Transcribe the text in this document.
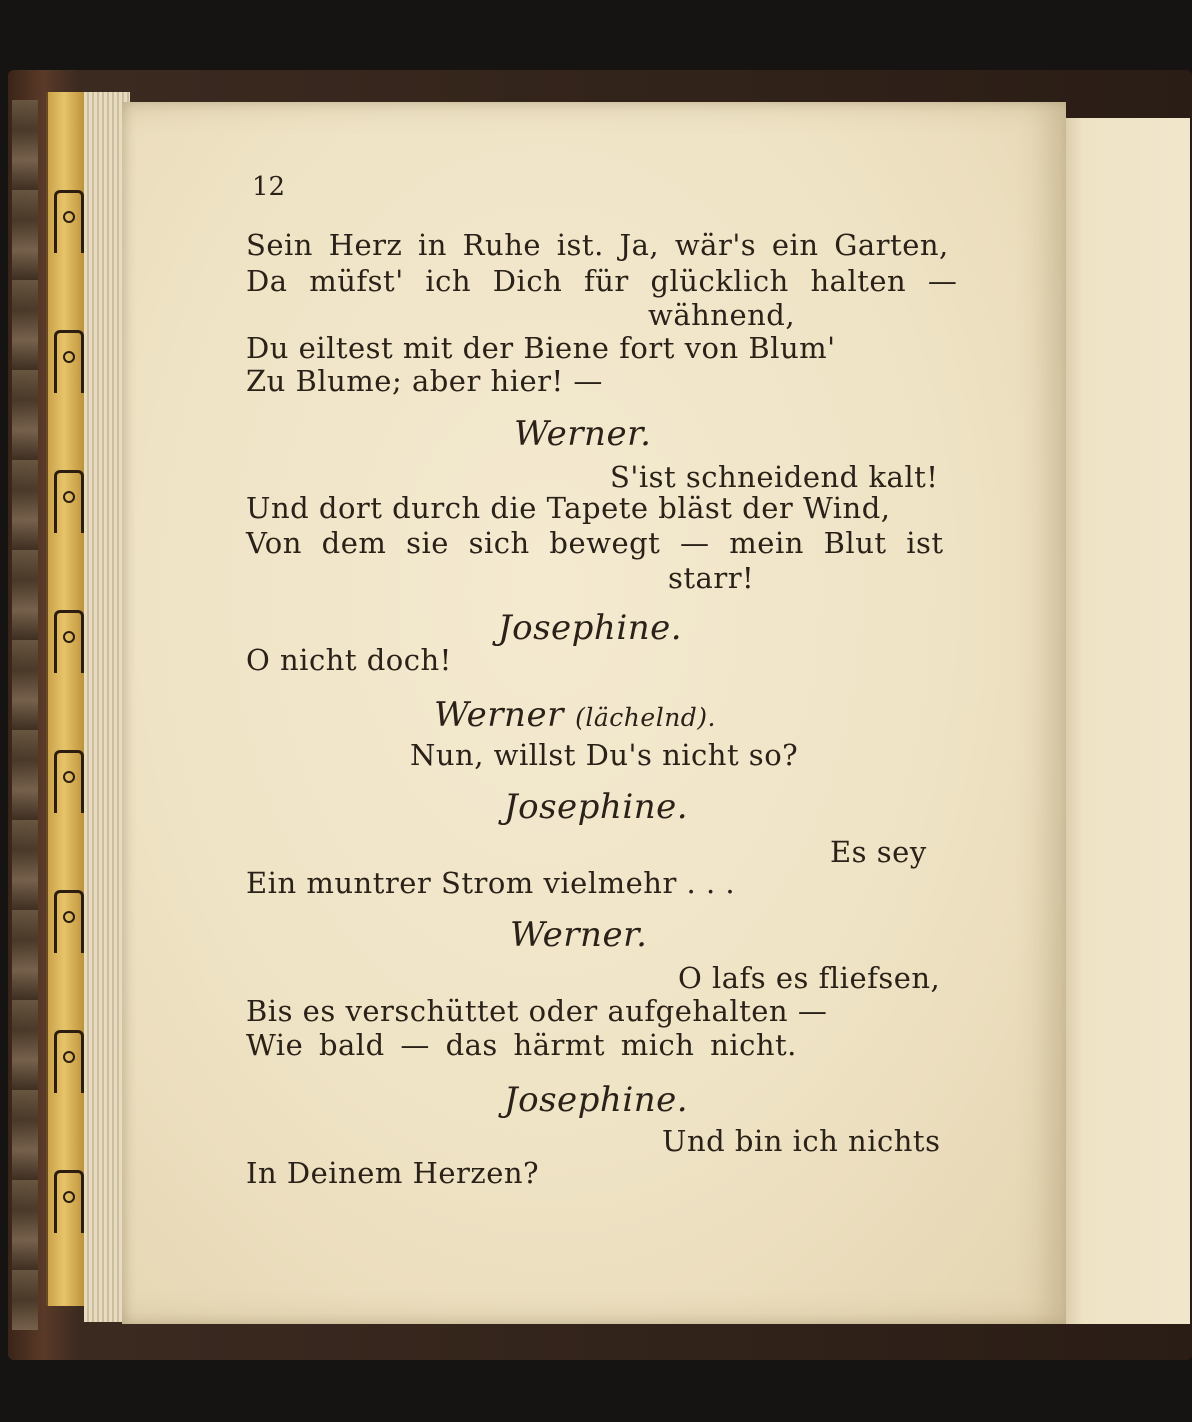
12
Sein Herz in Ruhe ist. Ja, wär's ein Garten,
Da müfst' ich Dich für glücklich halten —
wähnend,
Du eiltest mit der Biene fort von Blum'
Zu Blume; aber hier! —
Werner.
S'ist schneidend kalt!
Und dort durch die Tapete bläst der Wind,
Von dem sie sich bewegt — mein Blut ist
starr!
Josephine.
O nicht doch!
Werner (lächelnd).
Nun, willst Du's nicht so?
Josephine.
Es sey
Ein muntrer Strom vielmehr . . .
Werner.
O lafs es fliefsen,
Bis es verschüttet oder aufgehalten —
Wie bald — das härmt mich nicht.
Josephine.
Und bin ich nichts
In Deinem Herzen?
